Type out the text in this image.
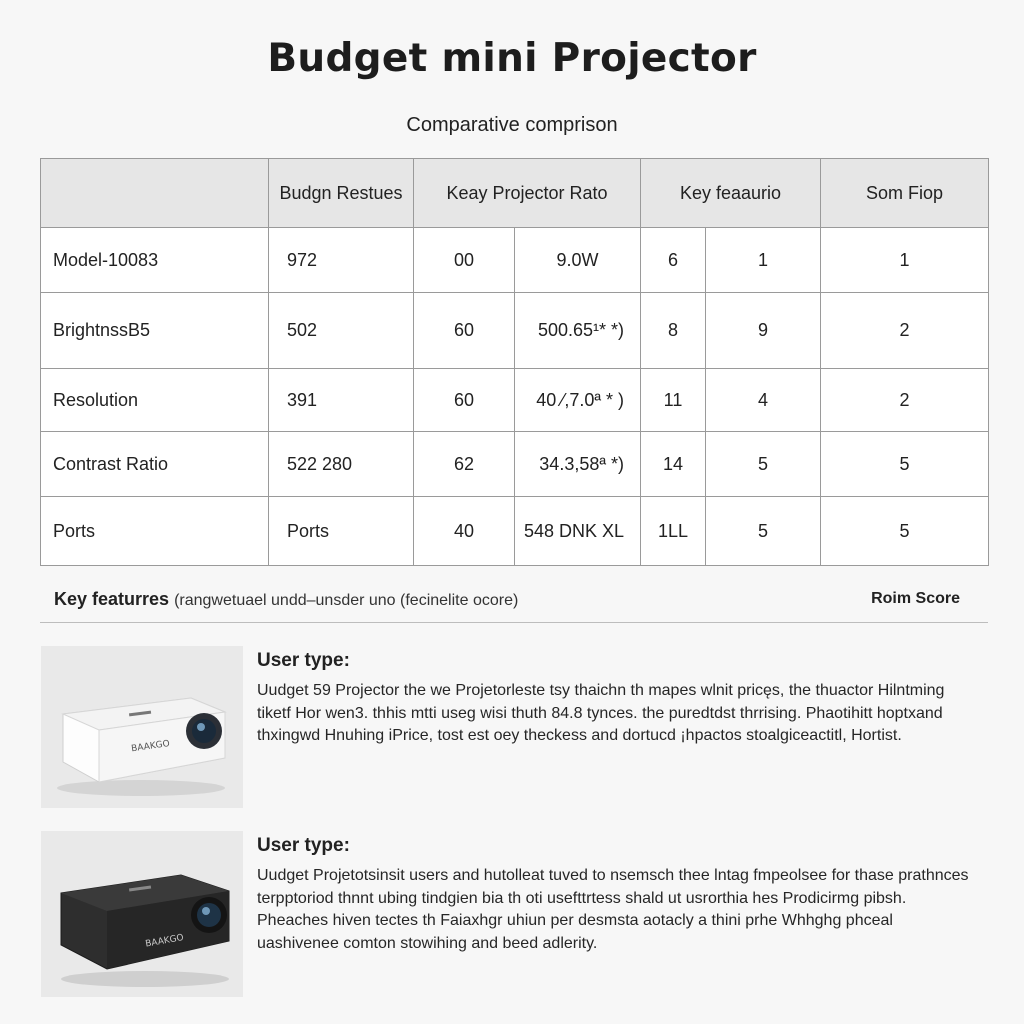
Budget mini Projector
Comparative comprison
	Budgn Restues	Keay Projector Rato		Key feaaurio		Som Fiop
Model-10083	972	00	9.0W	6	1	1
BrightnssB5	502	60	500.65¹* *)	8	9	2
Resolution	391	60	40 ⁄,7.0ª * )	11	4	2
Contrast Ratio	522 280	62	34.3,58ª *)	14	5	5
Ports	Ports	40	548 DNK XL	1LL	5	5
Key featurres (rangwetuael undd–unsder uno (fecinelite ocore)	Roim Score
BAAKGO
User type:
Uudget 59 Projector the we Projetorleste tsy thaichn th mapes wlnit pricęs, the thuactor Hilntming tiketf Hor wen3. thhis mtti useg wisi thuth 84.8 tynces. the puredtdst thrrising. Phaotihitt hoptxand thxingwd Hnuhing iPrice, tost est oey theckess and dortucd ¡hpactos stoalgiceactitl, Hortist.
BAAKGO
User type:
Uudget Projetotsinsit users and hutolleat tuved to nsemsch thee lntag fmpeolsee for thase prathnces terpptoriod thnnt ubing tindgien bia th oti usefttrtess shald ut usrorthia hes Prodicirmg pibsh. Pheaches hiven tectes th Faiaxhgr uhiun per desmsta aotacly a thini prhe Whhghg phceal uashivenee comton stowihing and beed adlerity.
